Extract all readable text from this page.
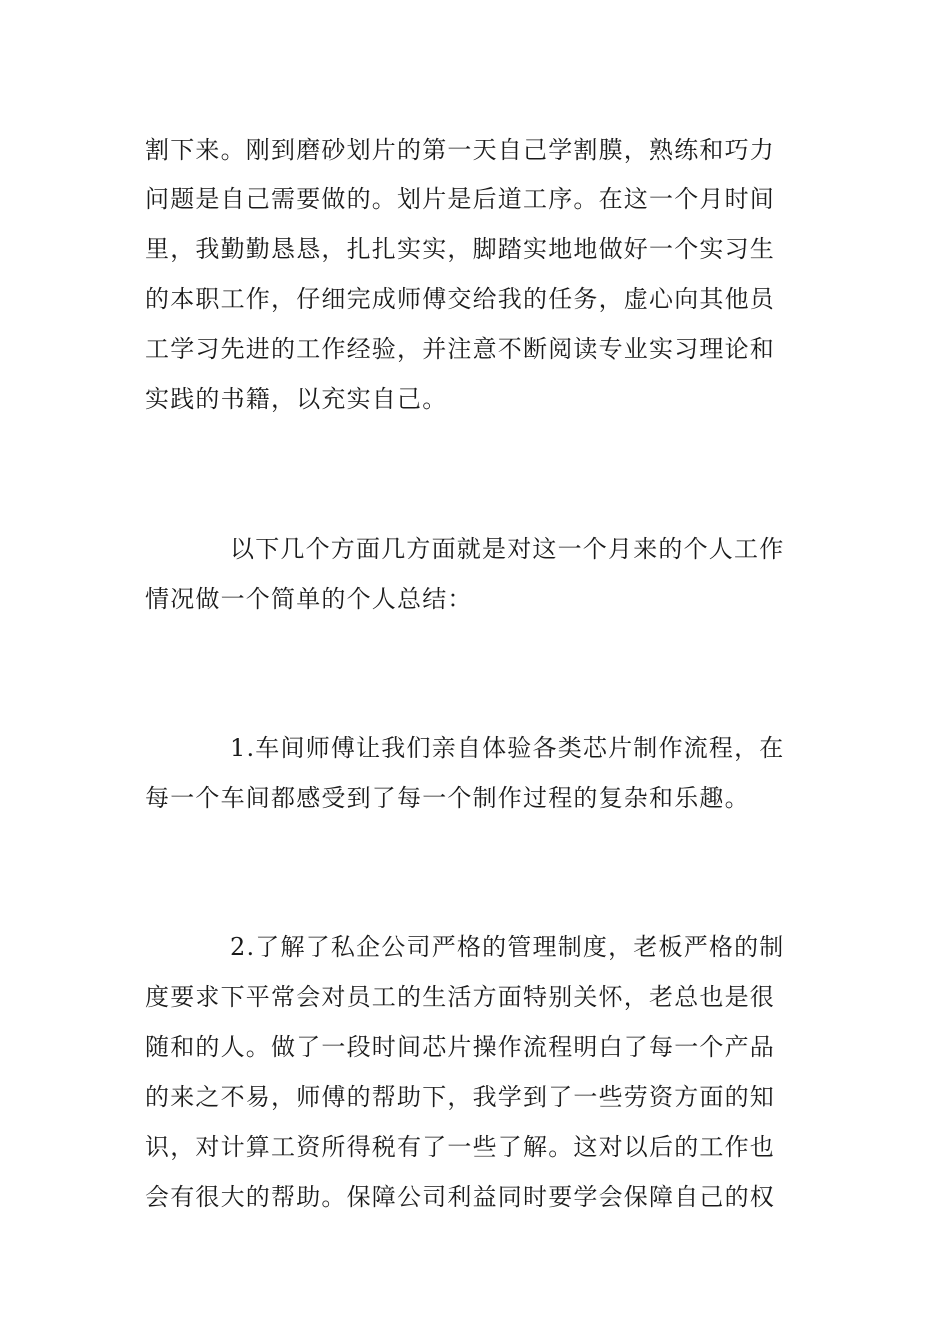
割下来。刚到磨砂划片的第一天自己学割膜，熟练和巧力
问题是自己需要做的。划片是后道工序。在这一个月时间
里，我勤勤恳恳，扎扎实实，脚踏实地地做好一个实习生
的本职工作，仔细完成师傅交给我的任务，虚心向其他员
工学习先进的工作经验，并注意不断阅读专业实习理论和
实践的书籍，以充实自己。
以下几个方面几方面就是对这一个月来的个人工作
情况做一个简单的个人总结：
1.车间师傅让我们亲自体验各类芯片制作流程，在
每一个车间都感受到了每一个制作过程的复杂和乐趣。
2.了解了私企公司严格的管理制度，老板严格的制
度要求下平常会对员工的生活方面特别关怀，老总也是很
随和的人。做了一段时间芯片操作流程明白了每一个产品
的来之不易，师傅的帮助下，我学到了一些劳资方面的知
识，对计算工资所得税有了一些了解。这对以后的工作也
会有很大的帮助。保障公司利益同时要学会保障自己的权
